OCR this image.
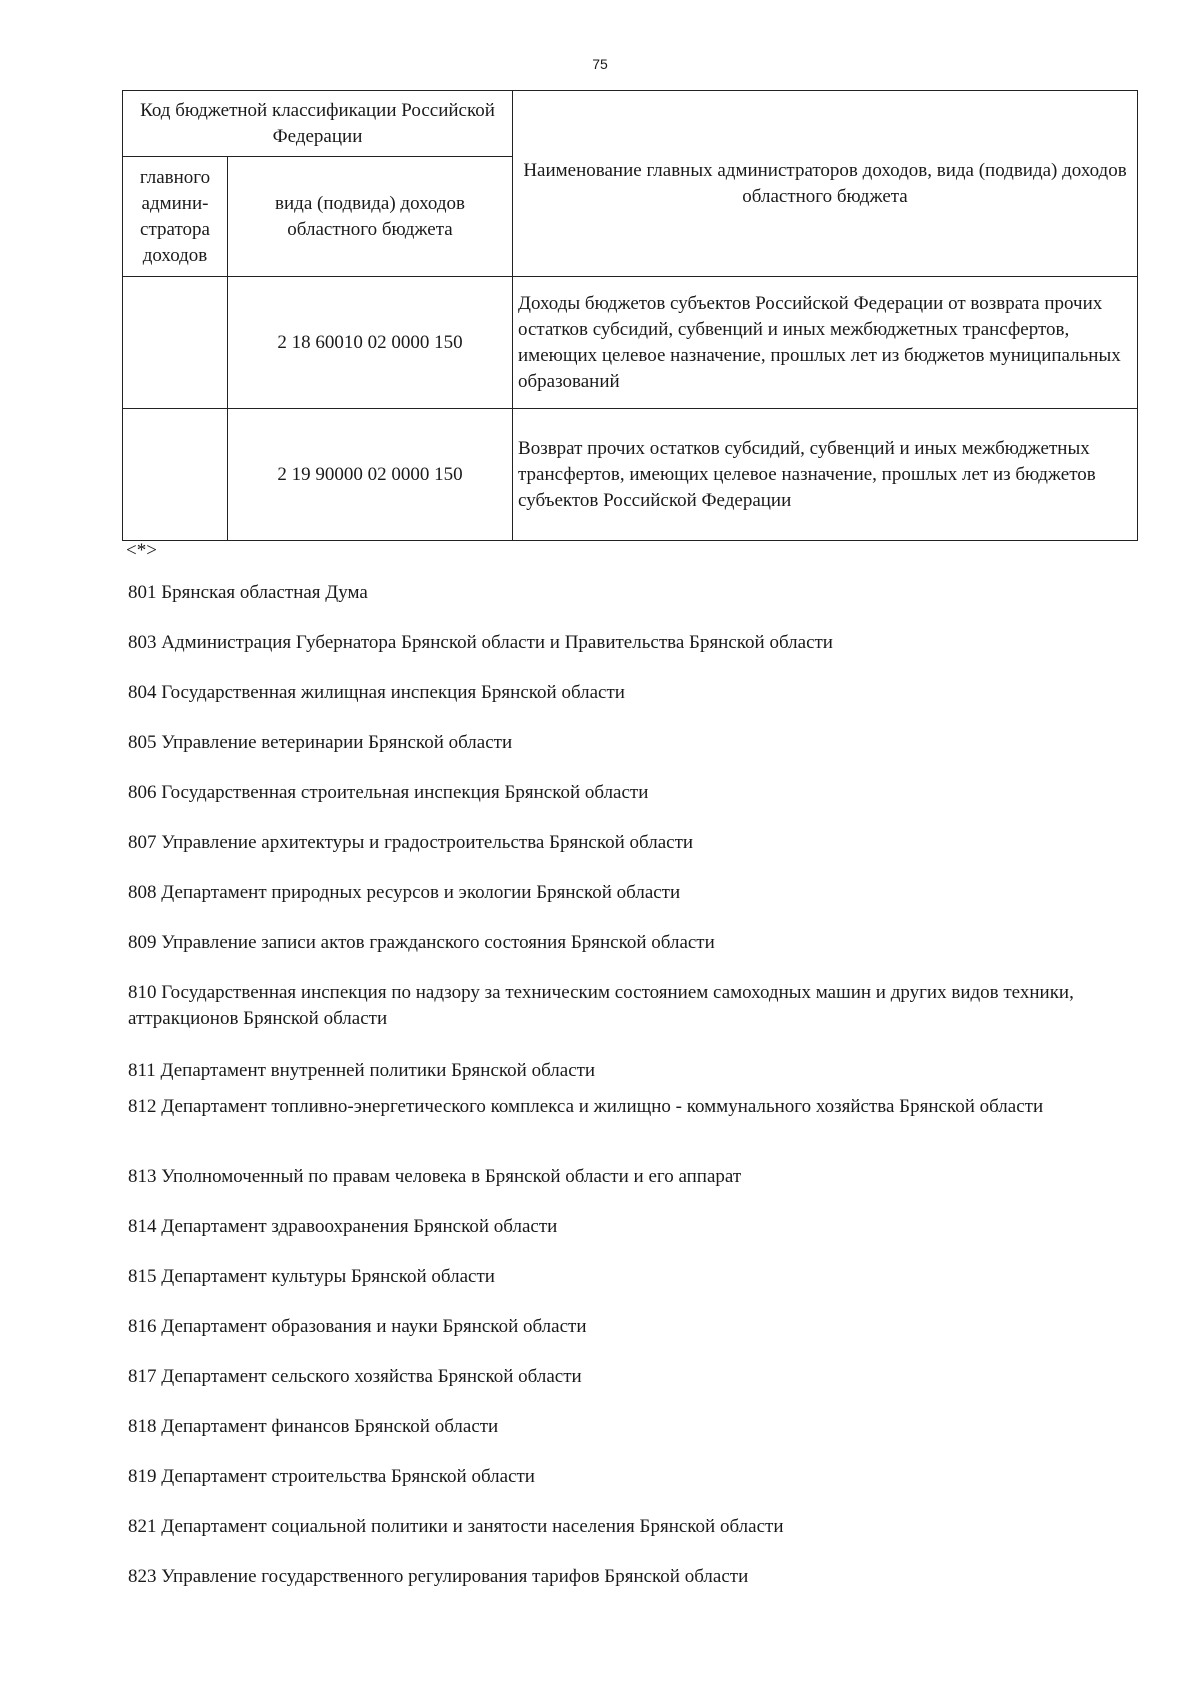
75
Код бюджетной классификации Российской Федерации		Наименование главных администраторов доходов, вида (подвида) доходов областного бюджета
главного админи-стратора доходов	вида (подвида) доходов областного бюджета	
	2 18 60010 02 0000 150	Доходы бюджетов субъектов Российской Федерации от возврата прочих остатков субсидий, субвенций и иных межбюджетных трансфертов, имеющих целевое назначение, прошлых лет из бюджетов муниципальных образований
	2 19 90000 02 0000 150	Возврат прочих остатков субсидий, субвенций и иных межбюджетных трансфертов, имеющих целевое назначение, прошлых лет из бюджетов субъектов Российской Федерации
<*>
801 Брянская областная Дума
803 Администрация Губернатора Брянской области и Правительства Брянской области
804 Государственная жилищная инспекция Брянской области
805 Управление ветеринарии Брянской области
806 Государственная строительная инспекция Брянской области
807 Управление архитектуры и градостроительства Брянской области
808 Департамент природных ресурсов и экологии Брянской области
809 Управление записи актов гражданского состояния Брянской области
810 Государственная инспекция по надзору за техническим состоянием самоходных машин и других видов техники, аттракционов Брянской области
811 Департамент внутренней политики Брянской области
812 Департамент топливно-энергетического комплекса и жилищно - коммунального хозяйства Брянской области
813 Уполномоченный по правам человека в Брянской области и его аппарат
814 Департамент здравоохранения Брянской области
815 Департамент культуры Брянской области
816 Департамент образования и науки Брянской области
817 Департамент сельского хозяйства Брянской области
818 Департамент финансов Брянской области
819 Департамент строительства Брянской области
821 Департамент социальной политики и занятости населения Брянской области
823 Управление государственного регулирования тарифов Брянской области
